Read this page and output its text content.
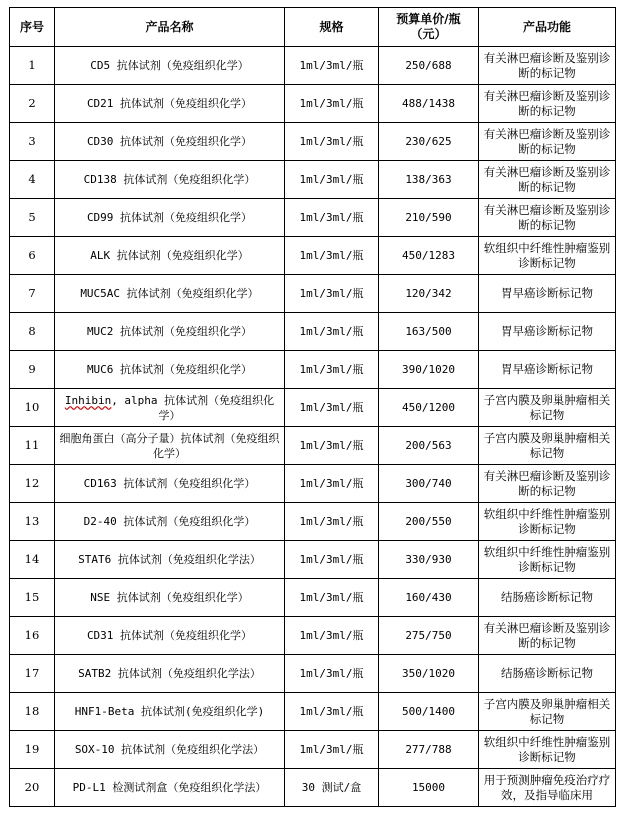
序号	产品名称	规格	预算单价/瓶（元）	产品功能
1	CD5 抗体试剂（免疫组织化学）	1ml/3ml/瓶	250/688	有关淋巴瘤诊断及鉴别诊断的标记物
2	CD21 抗体试剂（免疫组织化学）	1ml/3ml/瓶	488/1438	有关淋巴瘤诊断及鉴别诊断的标记物
3	CD30 抗体试剂（免疫组织化学）	1ml/3ml/瓶	230/625	有关淋巴瘤诊断及鉴别诊断的标记物
4	CD138 抗体试剂（免疫组织化学）	1ml/3ml/瓶	138/363	有关淋巴瘤诊断及鉴别诊断的标记物
5	CD99 抗体试剂（免疫组织化学）	1ml/3ml/瓶	210/590	有关淋巴瘤诊断及鉴别诊断的标记物
6	ALK 抗体试剂（免疫组织化学）	1ml/3ml/瓶	450/1283	软组织中纤维性肿瘤鉴别诊断标记物
7	MUC5AC 抗体试剂（免疫组织化学）	1ml/3ml/瓶	120/342	胃早癌诊断标记物
8	MUC2 抗体试剂（免疫组织化学）	1ml/3ml/瓶	163/500	胃早癌诊断标记物
9	MUC6 抗体试剂（免疫组织化学）	1ml/3ml/瓶	390/1020	胃早癌诊断标记物
10	Inhibin, alpha 抗体试剂（免疫组织化学）	1ml/3ml/瓶	450/1200	子宫内膜及卵巢肿瘤相关标记物
11	细胞角蛋白（高分子量）抗体试剂（免疫组织化学）	1ml/3ml/瓶	200/563	子宫内膜及卵巢肿瘤相关标记物
12	CD163 抗体试剂（免疫组织化学）	1ml/3ml/瓶	300/740	有关淋巴瘤诊断及鉴别诊断的标记物
13	D2-40 抗体试剂（免疫组织化学）	1ml/3ml/瓶	200/550	软组织中纤维性肿瘤鉴别诊断标记物
14	STAT6 抗体试剂（免疫组织化学法）	1ml/3ml/瓶	330/930	软组织中纤维性肿瘤鉴别诊断标记物
15	NSE 抗体试剂（免疫组织化学）	1ml/3ml/瓶	160/430	结肠癌诊断标记物
16	CD31 抗体试剂（免疫组织化学）	1ml/3ml/瓶	275/750	有关淋巴瘤诊断及鉴别诊断的标记物
17	SATB2 抗体试剂（免疫组织化学法）	1ml/3ml/瓶	350/1020	结肠癌诊断标记物
18	HNF1-Beta 抗体试剂(免疫组织化学)	1ml/3ml/瓶	500/1400	子宫内膜及卵巢肿瘤相关标记物
19	SOX-10 抗体试剂（免疫组织化学法）	1ml/3ml/瓶	277/788	软组织中纤维性肿瘤鉴别诊断标记物
20	PD-L1 检测试剂盒（免疫组织化学法）	30 测试/盒	15000	用于预测肿瘤免疫治疗疗效，及指导临床用
